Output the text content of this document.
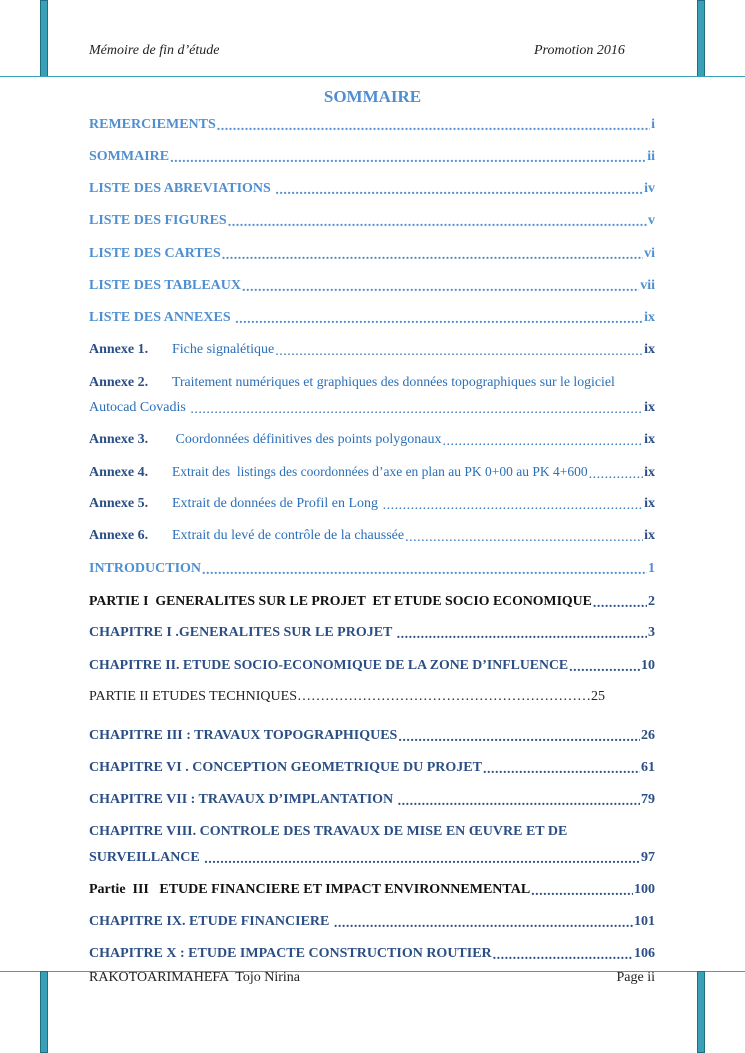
Mémoire de fin d’étude	Promotion 2016
SOMMAIRE
REMERCIEMENTS .....	i
SOMMAIRE .....	ii
LISTE DES ABREVIATIONS .....	iv
LISTE DES FIGURES .....	v
LISTE DES CARTES .....	vi
LISTE DES TABLEAUX .....	vii
LISTE DES ANNEXES .....	ix
Annexe 1. Fiche signalétique .....	ix
Annexe 2. Traitement numériques et graphiques des données topographiques sur le logiciel
Autocad Covadis .....	ix
Annexe 3. Coordonnées définitives des points polygonaux .....	ix
Annexe 4. Extrait des  listings des coordonnées d’axe en plan au PK 0+00 au PK 4+600 .....	ix
Annexe 5. Extrait de données de Profil en Long .....	ix
Annexe 6. Extrait du levé de contrôle de la chaussée .....	ix
INTRODUCTION .....	1
PARTIE I  GENERALITES SUR LE PROJET  ET ETUDE SOCIO ECONOMIQUE .....	2
CHAPITRE I .GENERALITES SUR LE PROJET .....	3
CHAPITRE II. ETUDE SOCIO-ECONOMIQUE DE LA ZONE D’INFLUENCE .....	10
PARTIE II ETUDES TECHNIQUES………………………………………………………25
CHAPITRE III : TRAVAUX TOPOGRAPHIQUES .....	26
CHAPITRE VI . CONCEPTION GEOMETRIQUE DU PROJET .....	61
CHAPITRE VII : TRAVAUX D’IMPLANTATION .....	79
CHAPITRE VIII. CONTROLE DES TRAVAUX DE MISE EN ŒUVRE ET DE
SURVEILLANCE .....	97
Partie  III   ETUDE FINANCIERE ET IMPACT ENVIRONNEMENTAL .....	100
CHAPITRE IX. ETUDE FINANCIERE .....	101
CHAPITRE X : ETUDE IMPACTE CONSTRUCTION ROUTIER .....	106
RAKOTOARIMAHEFA  Tojo Nirina	Page ii
